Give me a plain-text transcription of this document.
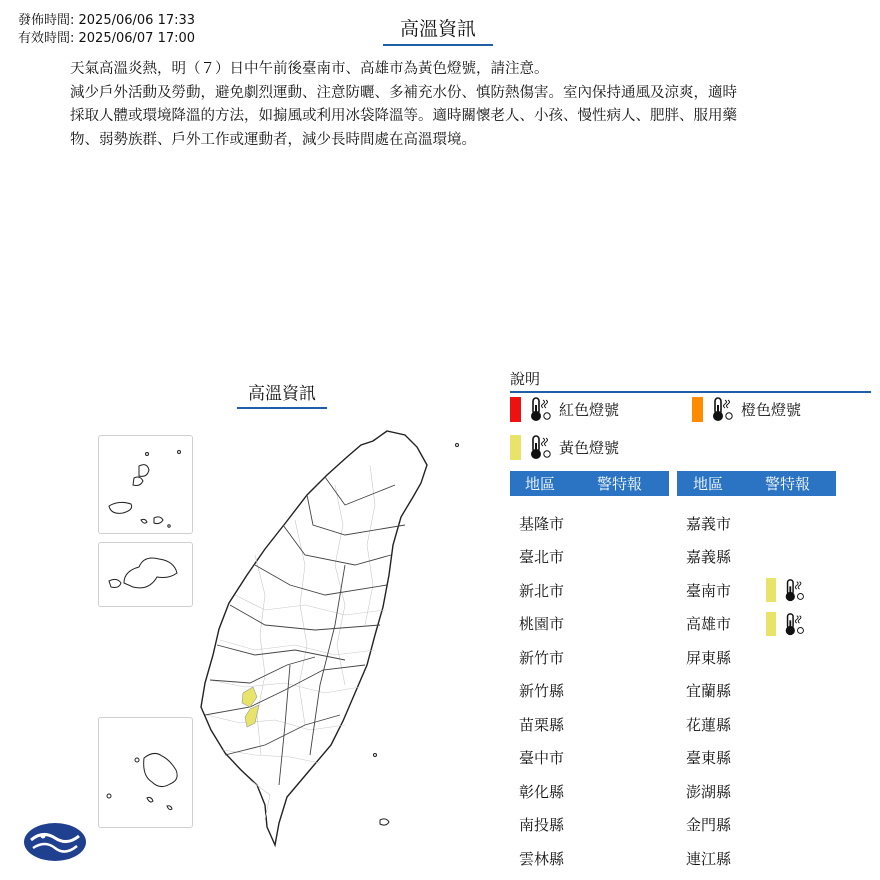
發佈時間: 2025/06/06 17:33
有效時間: 2025/06/07 17:00	高溫資訊
天氣高溫炎熱，明（７）日中午前後臺南市、高雄市為黃色燈號，請注意。
減少戶外活動及勞動，避免劇烈運動、注意防曬、多補充水份、慎防熱傷害。室內保持通風及涼爽，適時
採取人體或環境降溫的方法，如搧風或利用冰袋降溫等。適時關懷老人、小孩、慢性病人、肥胖、服用藥
物、弱勢族群、戶外工作或運動者，減少長時間處在高溫環境。
高溫資訊
說明
紅色燈號	橙色燈號
黃色燈號
地區	警特報
基隆市
臺北市
新北市
桃園市
新竹市
新竹縣
苗栗縣
臺中市
彰化縣
南投縣
雲林縣
地區	警特報
嘉義市
嘉義縣
臺南市
高雄市
屏東縣
宜蘭縣
花蓮縣
臺東縣
澎湖縣
金門縣
連江縣
